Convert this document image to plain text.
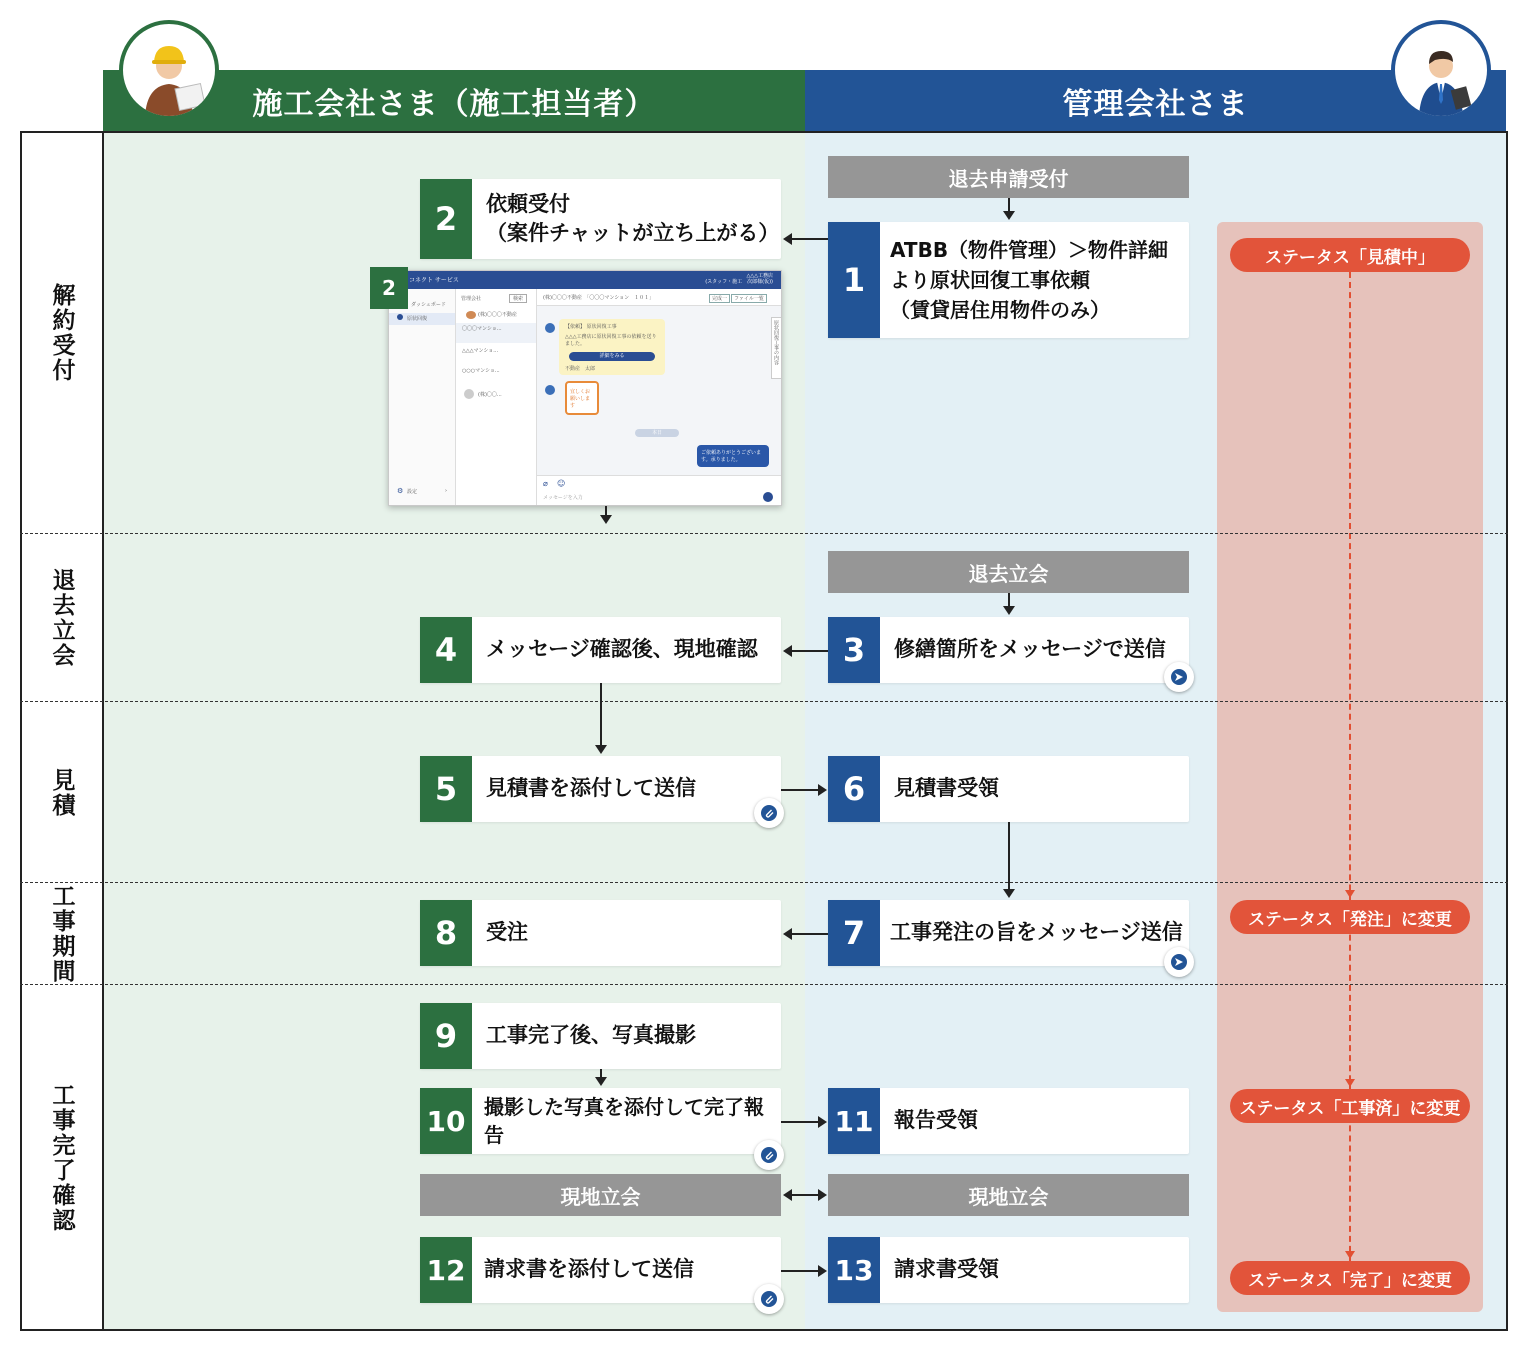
施工会社さま（施工担当者）	管理会社さま
解約受付
退去立会
見積
工事期間
工事完了確認
退去申請受付
退去立会
現地立会	現地立会
1
ATBB（物件管理）＞物件詳細
より原状回復工事依頼
（賃貸居住用物件のみ）
2	依頼受付
（案件チャットが立ち上がる）
コネクト サービス
△△△工務店
(スタッフ・施工　次郎様(仮))
ダッシュボード
原状回復
⚙ 設定	›
管理会社	検索
(株)〇〇〇不動産
〇〇〇マンショ...
△△△マンショ...
○○○マンショ...
(株)〇〇...
(株)〇〇〇不動産　「〇〇〇マンション　１０１」	完成一	ファイル一覧
【依頼】 原状回復工事
△△△工務店に原状回復工事の依頼を送りました。
詳細をみる
不動産　太郎
宜しくお願いします
本日
ご依頼ありがとうございます。承りました。
⌀ ☺
メッセージを入力
原状回復工事の内容
2
3	修繕箇所をメッセージで送信
4	メッセージ確認後、現地確認
5	見積書を添付して送信	6	見積書受領
7	工事発注の旨をメッセージ送信
8	受注
9	工事完了後、写真撮影
10 撮影した写真を添付して完了報告	11 報告受領
12 請求書を添付して送信	13 請求書受領
ステータス「見積中」
ステータス「発注」に変更
ステータス「工事済」に変更
ステータス「完了」に変更
